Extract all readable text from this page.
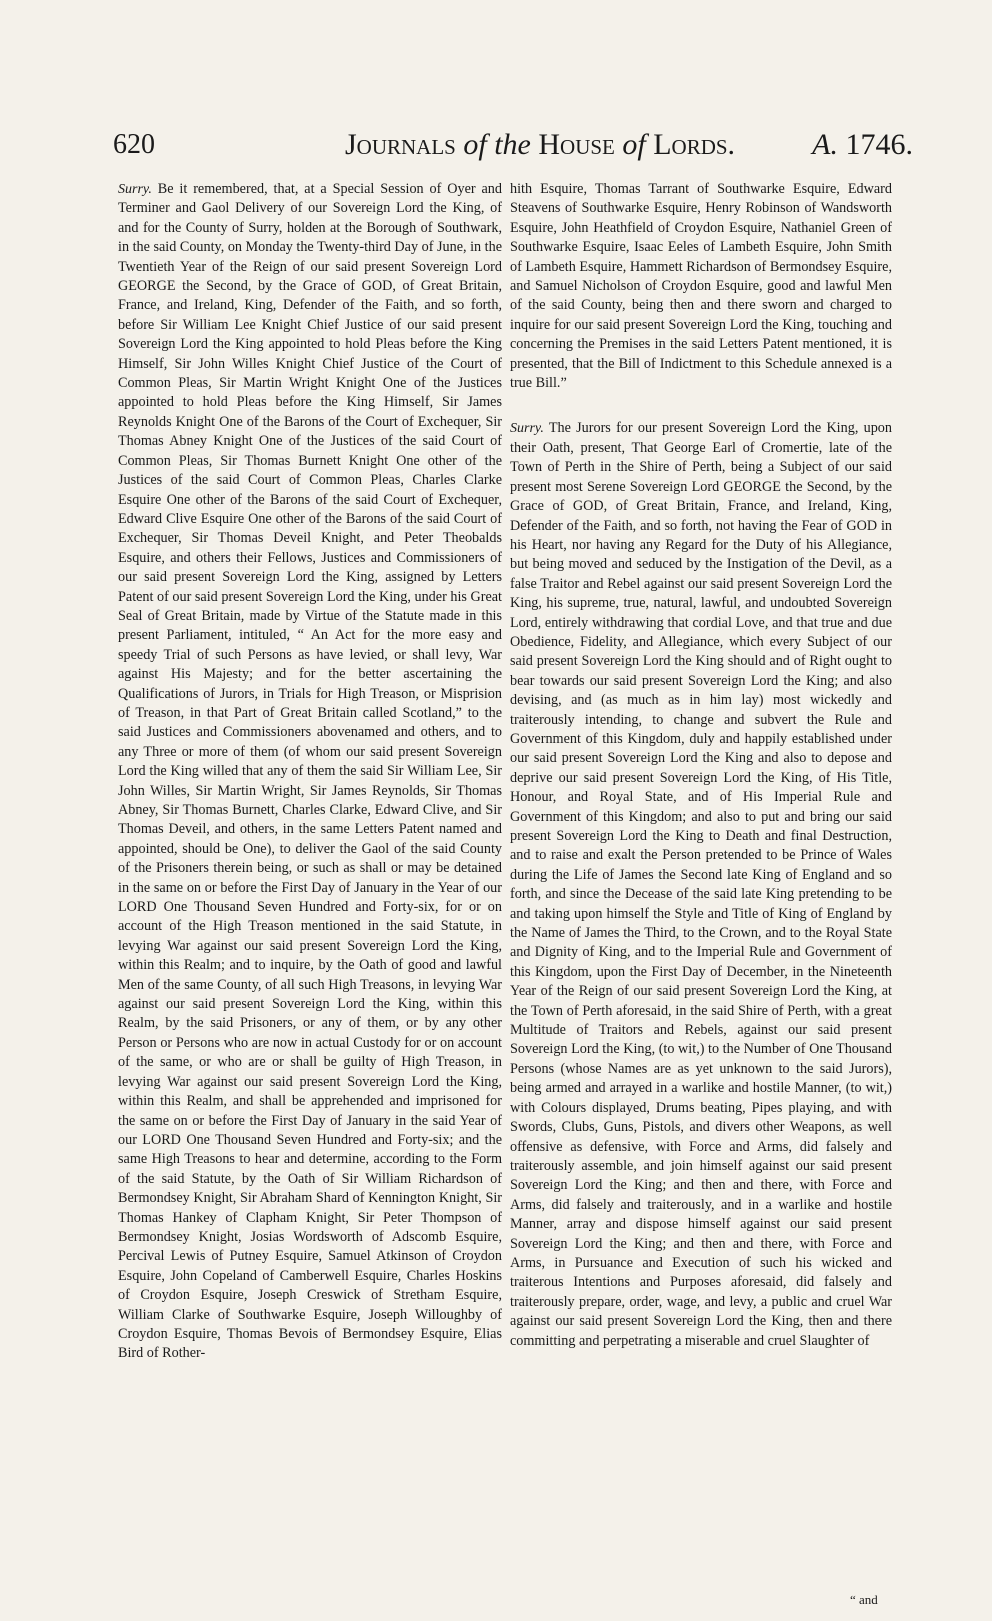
620	Journals of the House of Lords.	A. 1746.

Surry. Be it remembered, that, at a Special Session of Oyer and Terminer and Gaol Delivery of our Sovereign Lord the King, of and for the County of Surry, holden at the Borough of Southwark, in the said County, on Monday the Twenty-third Day of June, in the Twentieth Year of the Reign of our said present Sovereign Lord GEORGE the Second, by the Grace of GOD, of Great Britain, France, and Ireland, King, Defender of the Faith, and so forth, before Sir William Lee Knight Chief Justice of our said present Sovereign Lord the King appointed to hold Pleas before the King Himself, Sir John Willes Knight Chief Justice of the Court of Common Pleas, Sir Martin Wright Knight One of the Justices appointed to hold Pleas before the King Himself, Sir James Reynolds Knight One of the Barons of the Court of Exchequer, Sir Thomas Abney Knight One of the Justices of the said Court of Common Pleas, Sir Thomas Burnett Knight One other of the Justices of the said Court of Common Pleas, Charles Clarke Esquire One other of the Barons of the said Court of Exchequer, Edward Clive Esquire One other of the Barons of the said Court of Exchequer, Sir Thomas Deveil Knight, and Peter Theobalds Esquire, and others their Fellows, Justices and Commissioners of our said present Sovereign Lord the King, assigned by Letters Patent of our said present Sovereign Lord the King, under his Great Seal of Great Britain, made by Virtue of the Statute made in this present Parliament, intituled, “ An Act for the more easy and speedy Trial of such Persons as have levied, or shall levy, War against His Majesty; and for the better ascertaining the Qualifications of Jurors, in Trials for High Treason, or Misprision of Treason, in that Part of Great Britain called Scotland,” to the said Justices and Commissioners abovenamed and others, and to any Three or more of them (of whom our said present Sovereign Lord the King willed that any of them the said Sir William Lee, Sir John Willes, Sir Martin Wright, Sir James Reynolds, Sir Thomas Abney, Sir Thomas Burnett, Charles Clarke, Edward Clive, and Sir Thomas Deveil, and others, in the same Letters Patent named and appointed, should be One), to deliver the Gaol of the said County of the Prisoners therein being, or such as shall or may be detained in the same on or before the First Day of January in the Year of our LORD One Thousand Seven Hundred and Forty-six, for or on account of the High Treason mentioned in the said Statute, in levying War against our said present Sovereign Lord the King, within this Realm; and to inquire, by the Oath of good and lawful Men of the same County, of all such High Treasons, in levying War against our said present Sovereign Lord the King, within this Realm, by the said Prisoners, or any of them, or by any other Person or Persons who are now in actual Custody for or on account of the same, or who are or shall be guilty of High Treason, in levying War against our said present Sovereign Lord the King, within this Realm, and shall be apprehended and imprisoned for the same on or before the First Day of January in the said Year of our LORD One Thousand Seven Hundred and Forty-six; and the same High Treasons to hear and determine, according to the Form of the said Statute, by the Oath of Sir William Richardson of Bermondsey Knight, Sir Abraham Shard of Kennington Knight, Sir Thomas Hankey of Clapham Knight, Sir Peter Thompson of Bermondsey Knight, Josias Wordsworth of Adscomb Esquire, Percival Lewis of Putney Esquire, Samuel Atkinson of Croydon Esquire, John Copeland of Camberwell Esquire, Charles Hoskins of Croydon Esquire, Joseph Creswick of Stretham Esquire, William Clarke of Southwarke Esquire, Joseph Willoughby of Croydon Esquire, Thomas Bevois of Bermondsey Esquire, Elias Bird of Rother-

hith Esquire, Thomas Tarrant of Southwarke Esquire, Edward Steavens of Southwarke Esquire, Henry Robinson of Wandsworth Esquire, John Heathfield of Croydon Esquire, Nathaniel Green of Southwarke Esquire, Isaac Eeles of Lambeth Esquire, John Smith of Lambeth Esquire, Hammett Richardson of Bermondsey Esquire, and Samuel Nicholson of Croydon Esquire, good and lawful Men of the said County, being then and there sworn and charged to inquire for our said present Sovereign Lord the King, touching and concerning the Premises in the said Letters Patent mentioned, it is presented, that the Bill of Indictment to this Schedule annexed is a true Bill.”

Surry. The Jurors for our present Sovereign Lord the King, upon their Oath, present, That George Earl of Cromertie, late of the Town of Perth in the Shire of Perth, being a Subject of our said present most Serene Sovereign Lord GEORGE the Second, by the Grace of GOD, of Great Britain, France, and Ireland, King, Defender of the Faith, and so forth, not having the Fear of GOD in his Heart, nor having any Regard for the Duty of his Allegiance, but being moved and seduced by the Instigation of the Devil, as a false Traitor and Rebel against our said present Sovereign Lord the King, his supreme, true, natural, lawful, and undoubted Sovereign Lord, entirely withdrawing that cordial Love, and that true and due Obedience, Fidelity, and Allegiance, which every Subject of our said present Sovereign Lord the King should and of Right ought to bear towards our said present Sovereign Lord the King; and also devising, and (as much as in him lay) most wickedly and traiterously intending, to change and subvert the Rule and Government of this Kingdom, duly and happily established under our said present Sovereign Lord the King and also to depose and deprive our said present Sovereign Lord the King, of His Title, Honour, and Royal State, and of His Imperial Rule and Government of this Kingdom; and also to put and bring our said present Sovereign Lord the King to Death and final Destruction, and to raise and exalt the Person pretended to be Prince of Wales during the Life of James the Second late King of England and so forth, and since the Decease of the said late King pretending to be and taking upon himself the Style and Title of King of England by the Name of James the Third, to the Crown, and to the Royal State and Dignity of King, and to the Imperial Rule and Government of this Kingdom, upon the First Day of December, in the Nineteenth Year of the Reign of our said present Sovereign Lord the King, at the Town of Perth aforesaid, in the said Shire of Perth, with a great Multitude of Traitors and Rebels, against our said present Sovereign Lord the King, (to wit,) to the Number of One Thousand Persons (whose Names are as yet unknown to the said Jurors), being armed and arrayed in a warlike and hostile Manner, (to wit,) with Colours displayed, Drums beating, Pipes playing, and with Swords, Clubs, Guns, Pistols, and divers other Weapons, as well offensive as defensive, with Force and Arms, did falsely and traiterously assemble, and join himself against our said present Sovereign Lord the King; and then and there, with Force and Arms, did falsely and traiterously, and in a warlike and hostile Manner, array and dispose himself against our said present Sovereign Lord the King; and then and there, with Force and Arms, in Pursuance and Execution of such his wicked and traiterous Intentions and Purposes aforesaid, did falsely and traiterously prepare, order, wage, and levy, a public and cruel War against our said present Sovereign Lord the King, then and there committing and perpetrating a miserable and cruel Slaughter of

“ and
